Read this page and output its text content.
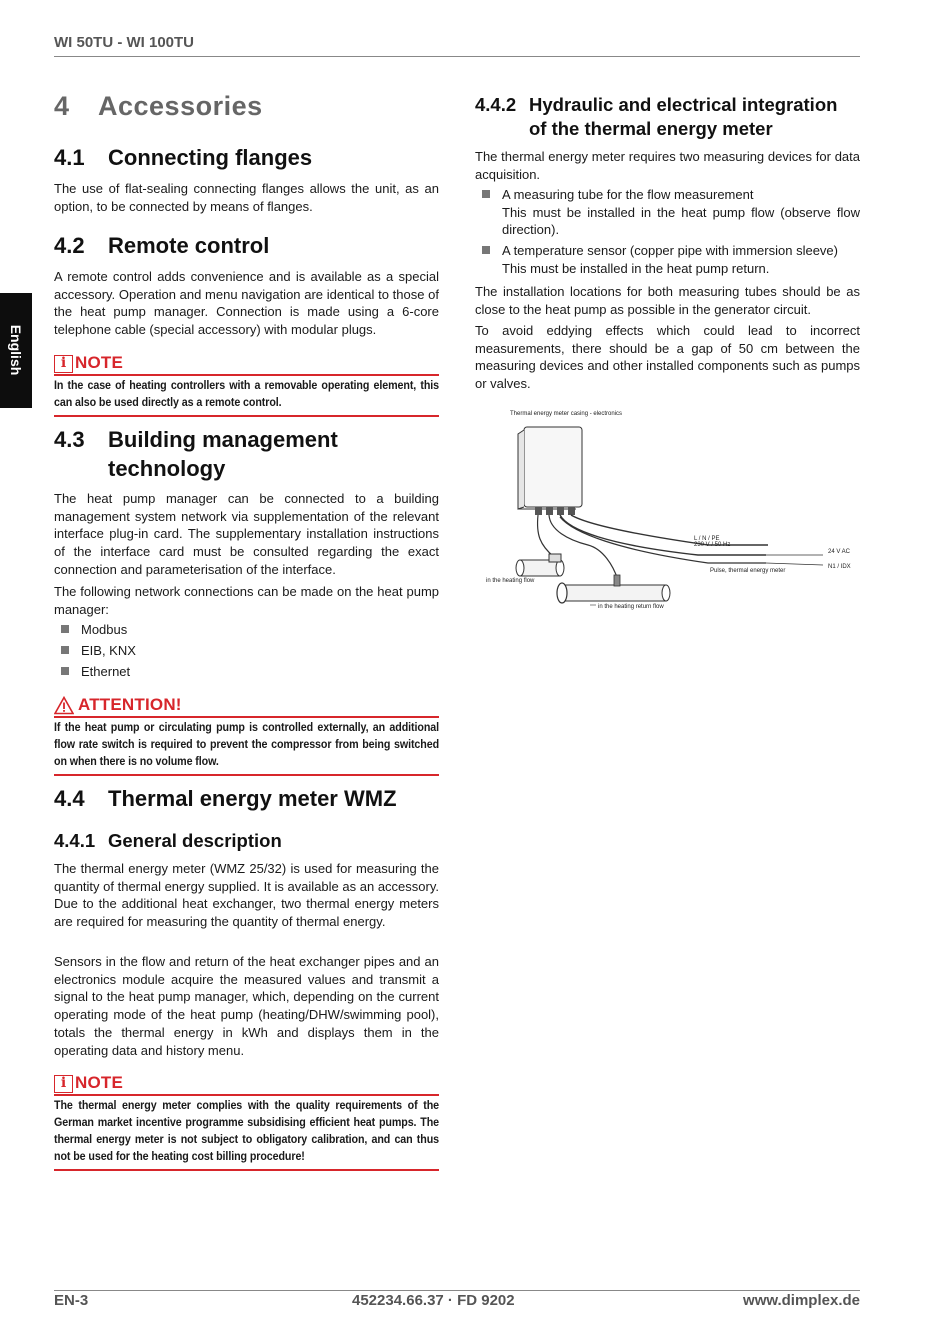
WI 50TU - WI 100TU
English
4 Accessories
4.1 Connecting flanges
The use of flat-sealing connecting flanges allows the unit, as an option, to be connected by means of flanges.
4.2 Remote control
A remote control adds convenience and is available as a special accessory. Operation and menu navigation are identical to those of the heat pump manager. Connection is made using a 6-core telephone cable (special accessory) with modular plugs.
i NOTE
In the case of heating controllers with a removable operating element, this can also be used directly as a remote control.
4.3 Building management
technology
The heat pump manager can be connected to a building management system network via supplementation of the relevant interface plug-in card. The supplementary installation instructions of the interface card must be consulted regarding the exact connection and parameterisation of the interface.
The following network connections can be made on the heat pump manager:
Modbus
EIB, KNX
Ethernet
ATTENTION!
If the heat pump or circulating pump is controlled externally, an additional flow rate switch is required to prevent the compressor from being switched on when there is no volume flow.
4.4 Thermal energy meter WMZ
4.4.1 General description
The thermal energy meter (WMZ 25/32) is used for measuring the quantity of thermal energy supplied. It is available as an accessory. Due to the additional heat exchanger, two thermal energy meters are required for measuring the quantity of thermal energy.
Sensors in the flow and return of the heat exchanger pipes and an electronics module acquire the measured values and transmit a signal to the heat pump manager, which, depending on the current operating mode of the heat pump (heating/DHW/swimming pool), totals the thermal energy in kWh and displays them in the operating data and history menu.
i NOTE
The thermal energy meter complies with the quality requirements of the German market incentive programme subsidising efficient heat pumps. The thermal energy meter is not subject to obligatory calibration, and can thus not be used for the heating cost billing procedure!
4.4.2 Hydraulic and electrical integration
of the thermal energy meter
The thermal energy meter requires two measuring devices for data acquisition.
A measuring tube for the flow measurement
This must be installed in the heat pump flow (observe flow direction).
A temperature sensor (copper pipe with immersion sleeve)
This must be installed in the heat pump return.
The installation locations for both measuring tubes should be as close to the heat pump as possible in the generator circuit.
To avoid eddying effects which could lead to incorrect measurements, there should be a gap of 50 cm between the measuring devices and other installed components such as pumps or valves.
Thermal energy meter casing - electronics
L / N / PE
230 V / 50 Hz
24 V AC
Pulse, thermal energy meter
N1 / IDX
in the heating flow
in the heating return flow
EN-3	452234.66.37 · FD 9202	www.dimplex.de
